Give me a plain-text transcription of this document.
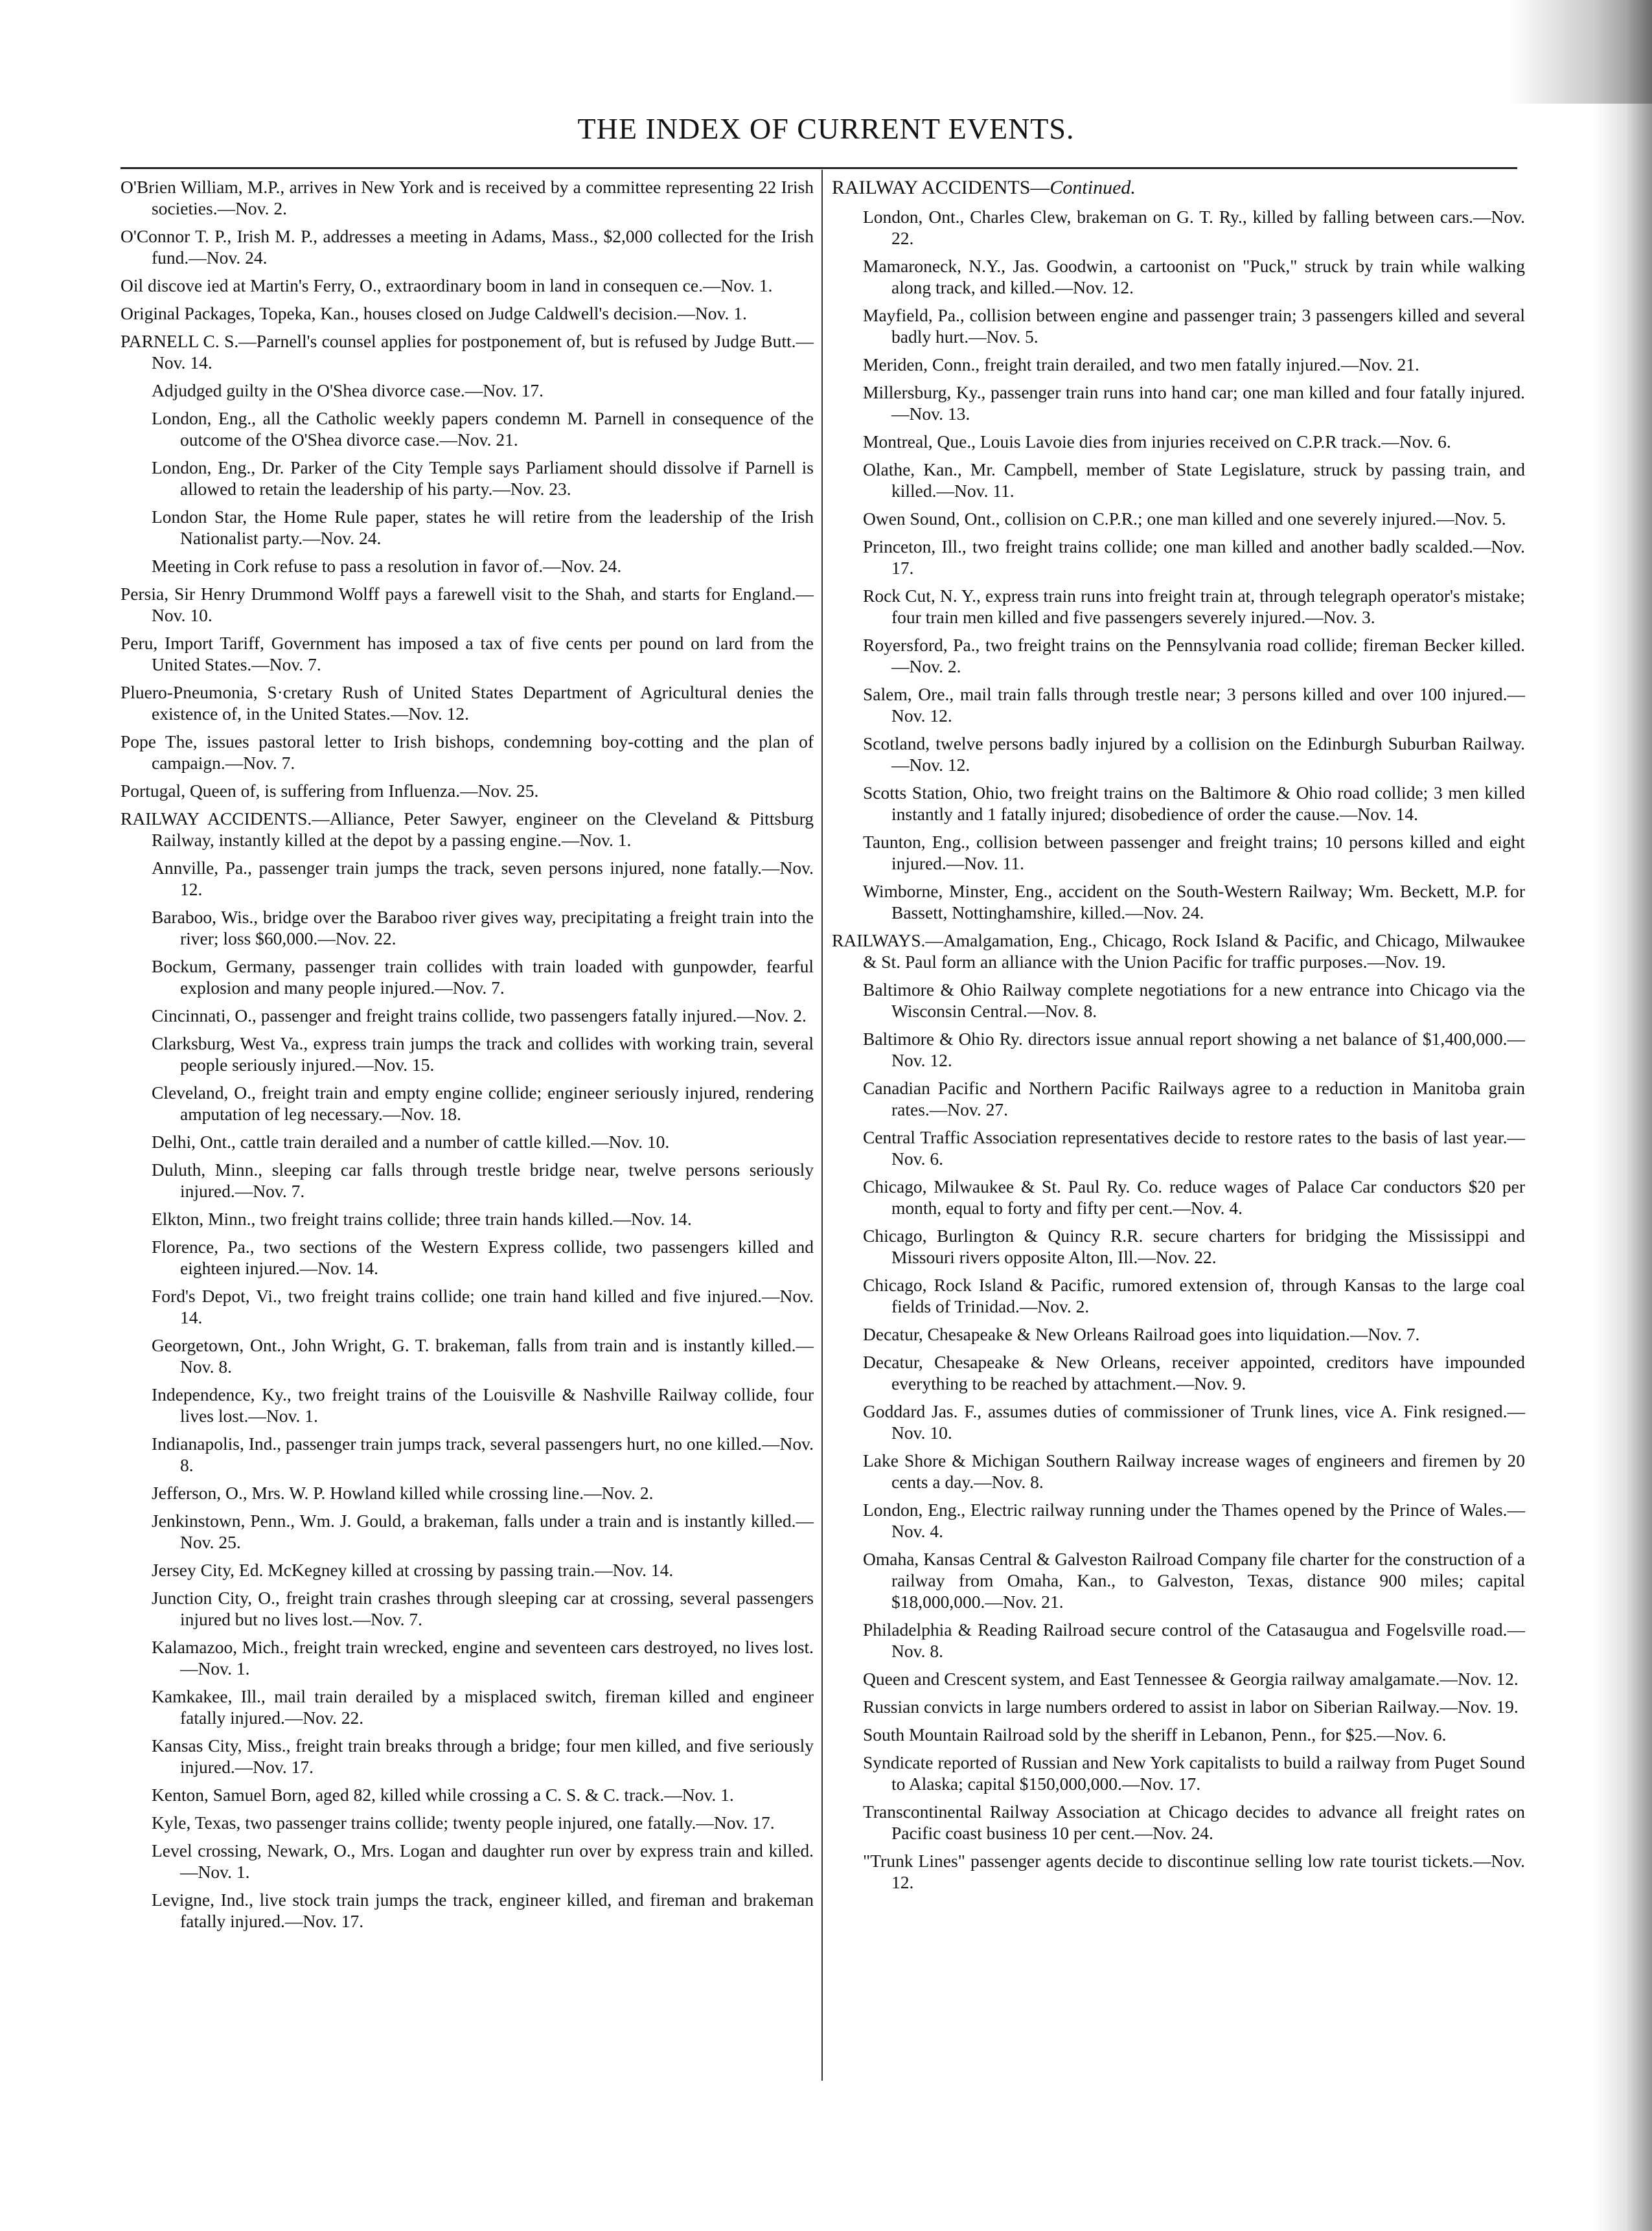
THE INDEX OF CURRENT EVENTS.
O'Brien William, M.P., arrives in New York and is received by a committee representing 22 Irish societies.—Nov. 2.
O'Connor T. P., Irish M. P., addresses a meeting in Adams, Mass., $2,000 collected for the Irish fund.—Nov. 24.
Oil discove ied at Martin's Ferry, O., extraordinary boom in land in consequen ce.—Nov. 1.
Original Packages, Topeka, Kan., houses closed on Judge Caldwell's decision.—Nov. 1.
PARNELL C. S.—Parnell's counsel applies for postponement of, but is refused by Judge Butt.—Nov. 14.
Adjudged guilty in the O'Shea divorce case.—Nov. 17.
London, Eng., all the Catholic weekly papers condemn M. Parnell in consequence of the outcome of the O'Shea divorce case.—Nov. 21.
London, Eng., Dr. Parker of the City Temple says Parliament should dissolve if Parnell is allowed to retain the leadership of his party.—Nov. 23.
London Star, the Home Rule paper, states he will retire from the leadership of the Irish Nationalist party.—Nov. 24.
Meeting in Cork refuse to pass a resolution in favor of.—Nov. 24.
Persia, Sir Henry Drummond Wolff pays a farewell visit to the Shah, and starts for England.—Nov. 10.
Peru, Import Tariff, Government has imposed a tax of five cents per pound on lard from the United States.—Nov. 7.
Pluero-Pneumonia, S·cretary Rush of United States Department of Agricultural denies the existence of, in the United States.—Nov. 12.
Pope The, issues pastoral letter to Irish bishops, condemning boy-cotting and the plan of campaign.—Nov. 7.
Portugal, Queen of, is suffering from Influenza.—Nov. 25.
RAILWAY ACCIDENTS.—Alliance, Peter Sawyer, engineer on the Cleveland & Pittsburg Railway, instantly killed at the depot by a passing engine.—Nov. 1.
Annville, Pa., passenger train jumps the track, seven persons injured, none fatally.—Nov. 12.
Baraboo, Wis., bridge over the Baraboo river gives way, precipitating a freight train into the river; loss $60,000.—Nov. 22.
Bockum, Germany, passenger train collides with train loaded with gunpowder, fearful explosion and many people injured.—Nov. 7.
Cincinnati, O., passenger and freight trains collide, two passengers fatally injured.—Nov. 2.
Clarksburg, West Va., express train jumps the track and collides with working train, several people seriously injured.—Nov. 15.
Cleveland, O., freight train and empty engine collide; engineer seriously injured, rendering amputation of leg necessary.—Nov. 18.
Delhi, Ont., cattle train derailed and a number of cattle killed.—Nov. 10.
Duluth, Minn., sleeping car falls through trestle bridge near, twelve persons seriously injured.—Nov. 7.
Elkton, Minn., two freight trains collide; three train hands killed.—Nov. 14.
Florence, Pa., two sections of the Western Express collide, two passengers killed and eighteen injured.—Nov. 14.
Ford's Depot, Vi., two freight trains collide; one train hand killed and five injured.—Nov. 14.
Georgetown, Ont., John Wright, G. T. brakeman, falls from train and is instantly killed.—Nov. 8.
Independence, Ky., two freight trains of the Louisville & Nashville Railway collide, four lives lost.—Nov. 1.
Indianapolis, Ind., passenger train jumps track, several passengers hurt, no one killed.—Nov. 8.
Jefferson, O., Mrs. W. P. Howland killed while crossing line.—Nov. 2.
Jenkinstown, Penn., Wm. J. Gould, a brakeman, falls under a train and is instantly killed.—Nov. 25.
Jersey City, Ed. McKegney killed at crossing by passing train.—Nov. 14.
Junction City, O., freight train crashes through sleeping car at crossing, several passengers injured but no lives lost.—Nov. 7.
Kalamazoo, Mich., freight train wrecked, engine and seventeen cars destroyed, no lives lost.—Nov. 1.
Kamkakee, Ill., mail train derailed by a misplaced switch, fireman killed and engineer fatally injured.—Nov. 22.
Kansas City, Miss., freight train breaks through a bridge; four men killed, and five seriously injured.—Nov. 17.
Kenton, Samuel Born, aged 82, killed while crossing a C. S. & C. track.—Nov. 1.
Kyle, Texas, two passenger trains collide; twenty people injured, one fatally.—Nov. 17.
Level crossing, Newark, O., Mrs. Logan and daughter run over by express train and killed.—Nov. 1.
Levigne, Ind., live stock train jumps the track, engineer killed, and fireman and brakeman fatally injured.—Nov. 17.
RAILWAY ACCIDENTS—Continued.
London, Ont., Charles Clew, brakeman on G. T. Ry., killed by falling between cars.—Nov. 22.
Mamaroneck, N.Y., Jas. Goodwin, a cartoonist on "Puck," struck by train while walking along track, and killed.—Nov. 12.
Mayfield, Pa., collision between engine and passenger train; 3 passengers killed and several badly hurt.—Nov. 5.
Meriden, Conn., freight train derailed, and two men fatally injured.—Nov. 21.
Millersburg, Ky., passenger train runs into hand car; one man killed and four fatally injured.—Nov. 13.
Montreal, Que., Louis Lavoie dies from injuries received on C.P.R track.—Nov. 6.
Olathe, Kan., Mr. Campbell, member of State Legislature, struck by passing train, and killed.—Nov. 11.
Owen Sound, Ont., collision on C.P.R.; one man killed and one severely injured.—Nov. 5.
Princeton, Ill., two freight trains collide; one man killed and another badly scalded.—Nov. 17.
Rock Cut, N. Y., express train runs into freight train at, through telegraph operator's mistake; four train men killed and five passengers severely injured.—Nov. 3.
Royersford, Pa., two freight trains on the Pennsylvania road collide; fireman Becker killed.—Nov. 2.
Salem, Ore., mail train falls through trestle near; 3 persons killed and over 100 injured.—Nov. 12.
Scotland, twelve persons badly injured by a collision on the Edinburgh Suburban Railway.—Nov. 12.
Scotts Station, Ohio, two freight trains on the Baltimore & Ohio road collide; 3 men killed instantly and 1 fatally injured; disobedience of order the cause.—Nov. 14.
Taunton, Eng., collision between passenger and freight trains; 10 persons killed and eight injured.—Nov. 11.
Wimborne, Minster, Eng., accident on the South-Western Railway; Wm. Beckett, M.P. for Bassett, Nottinghamshire, killed.—Nov. 24.
RAILWAYS.—Amalgamation, Eng., Chicago, Rock Island & Pacific, and Chicago, Milwaukee & St. Paul form an alliance with the Union Pacific for traffic purposes.—Nov. 19.
Baltimore & Ohio Railway complete negotiations for a new entrance into Chicago via the Wisconsin Central.—Nov. 8.
Baltimore & Ohio Ry. directors issue annual report showing a net balance of $1,400,000.—Nov. 12.
Canadian Pacific and Northern Pacific Railways agree to a reduction in Manitoba grain rates.—Nov. 27.
Central Traffic Association representatives decide to restore rates to the basis of last year.—Nov. 6.
Chicago, Milwaukee & St. Paul Ry. Co. reduce wages of Palace Car conductors $20 per month, equal to forty and fifty per cent.—Nov. 4.
Chicago, Burlington & Quincy R.R. secure charters for bridging the Mississippi and Missouri rivers opposite Alton, Ill.—Nov. 22.
Chicago, Rock Island & Pacific, rumored extension of, through Kansas to the large coal fields of Trinidad.—Nov. 2.
Decatur, Chesapeake & New Orleans Railroad goes into liquidation.—Nov. 7.
Decatur, Chesapeake & New Orleans, receiver appointed, creditors have impounded everything to be reached by attachment.—Nov. 9.
Goddard Jas. F., assumes duties of commissioner of Trunk lines, vice A. Fink resigned.—Nov. 10.
Lake Shore & Michigan Southern Railway increase wages of engineers and firemen by 20 cents a day.—Nov. 8.
London, Eng., Electric railway running under the Thames opened by the Prince of Wales.—Nov. 4.
Omaha, Kansas Central & Galveston Railroad Company file charter for the construction of a railway from Omaha, Kan., to Galveston, Texas, distance 900 miles; capital $18,000,000.—Nov. 21.
Philadelphia & Reading Railroad secure control of the Catasaugua and Fogelsville road.—Nov. 8.
Queen and Crescent system, and East Tennessee & Georgia railway amalgamate.—Nov. 12.
Russian convicts in large numbers ordered to assist in labor on Siberian Railway.—Nov. 19.
South Mountain Railroad sold by the sheriff in Lebanon, Penn., for $25.—Nov. 6.
Syndicate reported of Russian and New York capitalists to build a railway from Puget Sound to Alaska; capital $150,000,000.—Nov. 17.
Transcontinental Railway Association at Chicago decides to advance all freight rates on Pacific coast business 10 per cent.—Nov. 24.
"Trunk Lines" passenger agents decide to discontinue selling low rate tourist tickets.—Nov. 12.
